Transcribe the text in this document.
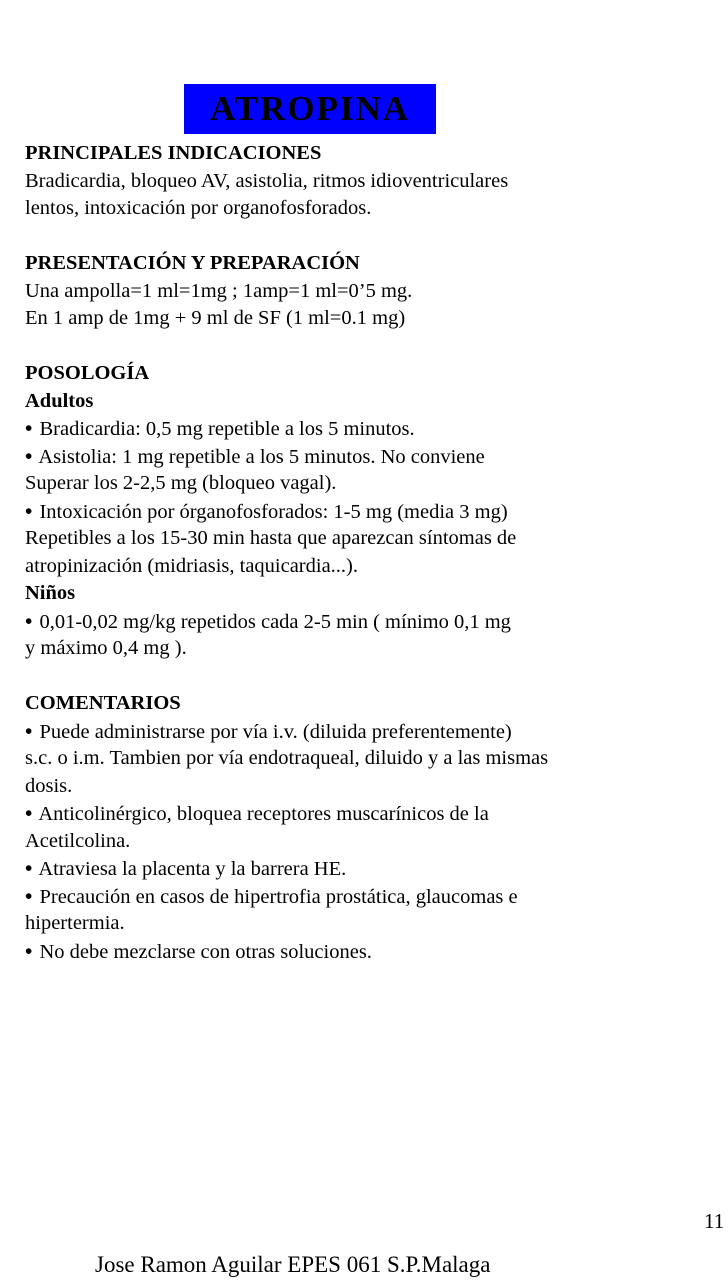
ATROPINA
PRINCIPALES INDICACIONES
Bradicardia, bloqueo AV, asistolia, ritmos idioventriculares
lentos, intoxicación por organofosforados.
PRESENTACIÓN Y PREPARACIÓN
Una ampolla=1 ml=1mg ; 1amp=1 ml=0’5 mg.
En 1 amp de 1mg + 9 ml de SF (1 ml=0.1 mg)
POSOLOGÍA
Adultos
• Bradicardia: 0,5 mg repetible a los 5 minutos.
• Asistolia: 1 mg repetible a los 5 minutos. No conviene
Superar los 2-2,5 mg (bloqueo vagal).
• Intoxicación por órganofosforados: 1-5 mg (media 3 mg)
Repetibles a los 15-30 min hasta que aparezcan síntomas de
atropinización (midriasis, taquicardia...).
Niños
• 0,01-0,02 mg/kg repetidos cada 2-5 min ( mínimo 0,1 mg
y máximo 0,4 mg ).
COMENTARIOS
• Puede administrarse por vía i.v. (diluida preferentemente)
s.c. o i.m. Tambien por vía endotraqueal, diluido y a las mismas
dosis.
• Anticolinérgico, bloquea receptores muscarínicos de la
Acetilcolina.
• Atraviesa la placenta y la barrera HE.
• Precaución en casos de hipertrofia prostática, glaucomas e
hipertermia.
• No debe mezclarse con otras soluciones.
11
Jose Ramon Aguilar EPES 061 S.P.Malaga
